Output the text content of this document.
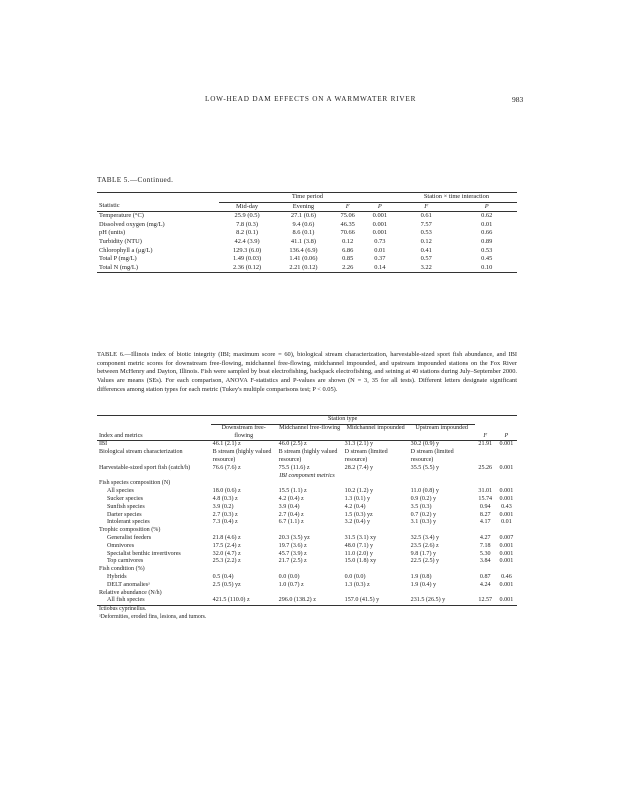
LOW-HEAD DAM EFFECTS ON A WARMWATER RIVER	983
TABLE 5.—Continued.
	Time period				Station × time interaction	
Statistic	Mid-day	Evening	F	P	F	P
Temperature (°C)	25.9 (0.5)	27.1 (0.6)	75.06	0.001	0.61	0.62
Dissolved oxygen (mg/L)	7.8 (0.3)	9.4 (0.6)	46.35	0.001	7.57	0.01
pH (units)	8.2 (0.1)	8.6 (0.1)	70.66	0.001	0.53	0.66
Turbidity (NTU)	42.4 (3.9)	41.1 (3.8)	0.12	0.73	0.12	0.89
Chlorophyll a (μg/L)	129.3 (6.0)	136.4 (6.9)	6.86	0.01	0.41	0.53
Total P (mg/L)	1.49 (0.03)	1.41 (0.06)	0.85	0.37	0.57	0.45
Total N (mg/L)	2.36 (0.12)	2.21 (0.12)	2.26	0.14	3.22	0.10
TABLE 6.—Illinois index of biotic integrity (IBI; maximum score = 60), biological stream characterization, harvestable-sized sport fish abundance, and IBI component metric scores for downstream free-flowing, midchannel free-flowing, midchannel impounded, and upstream impounded stations on the Fox River between McHenry and Dayton, Illinois. Fish were sampled by boat electrofishing, backpack electrofishing, and seining at 40 stations during July–September 2000. Values are means (SEs). For each comparison, ANOVA F-statistics and P-values are shown (N = 3, 35 for all tests). Different letters designate significant differences among station types for each metric (Tukey's multiple comparisons test; P < 0.05).
	Station type					
Index and metrics	Downstream free-flowing	Midchannel free-flowing	Midchannel impounded	Upstream impounded	F	P
IBI	46.1 (2.1) z	46.0 (2.5) z	31.3 (2.1) y	30.2 (0.9) y	21.91	0.001
Biological stream characterization	B stream (highly valued resource)	B stream (highly valued resource)	D stream (limited resource)	D stream (limited resource)		
Harvestable-sized sport fish (catch/h)	76.6 (7.6) z	75.5 (11.6) z	28.2 (7.4) y	35.5 (5.5) y	25.26	0.001
IBI component metrics						
Fish species composition (N)						
All species	18.0 (0.6) z	15.5 (1.1) z	10.2 (1.2) y	11.0 (0.8) y	31.01	0.001
Sucker species	4.8 (0.3) z	4.2 (0.4) z	1.3 (0.1) y	0.9 (0.2) y	15.74	0.001
Sunfish species	3.9 (0.2)	3.9 (0.4)	4.2 (0.4)	3.5 (0.3)	0.94	0.43
Darter species	2.7 (0.3) z	2.7 (0.4) z	1.5 (0.3) yz	0.7 (0.2) y	8.27	0.001
Intolerant species	7.3 (0.4) z	6.7 (1.1) z	3.2 (0.4) y	3.1 (0.3) y	4.17	0.01
Trophic composition (%)						
Generalist feeders	21.8 (4.6) z	20.3 (3.5) yz	31.5 (3.1) xy	32.5 (3.4) y	4.27	0.007
Omnivores	17.5 (2.4) z	19.7 (3.6) z	48.0 (7.1) y	23.5 (2.6) z	7.18	0.001
Specialist benthic invertivores	32.0 (4.7) z	45.7 (3.9) z	11.0 (2.0) y	9.8 (1.7) y	5.30	0.001
Top carnivores	25.3 (2.2) z	21.7 (2.5) z	15.0 (1.8) xy	22.5 (2.5) y	3.84	0.001
Fish condition (%)						
Hybrids	0.5 (0.4)	0.0 (0.0)	0.0 (0.0)	1.9 (0.8)	0.87	0.46
DELT anomaliesᵃ	2.5 (0.5) yz	1.0 (0.7) z	1.3 (0.3) z	1.9 (0.4) y	4.24	0.001
Relative abundance (N/h)						
All fish species	421.5 (110.0) z	296.0 (138.2) z	157.0 (41.5) y	231.5 (26.5) y	12.57	0.001
Ictiobus cyprinellus.						
ᵃDeformities, eroded fins, lesions, and tumors.						
